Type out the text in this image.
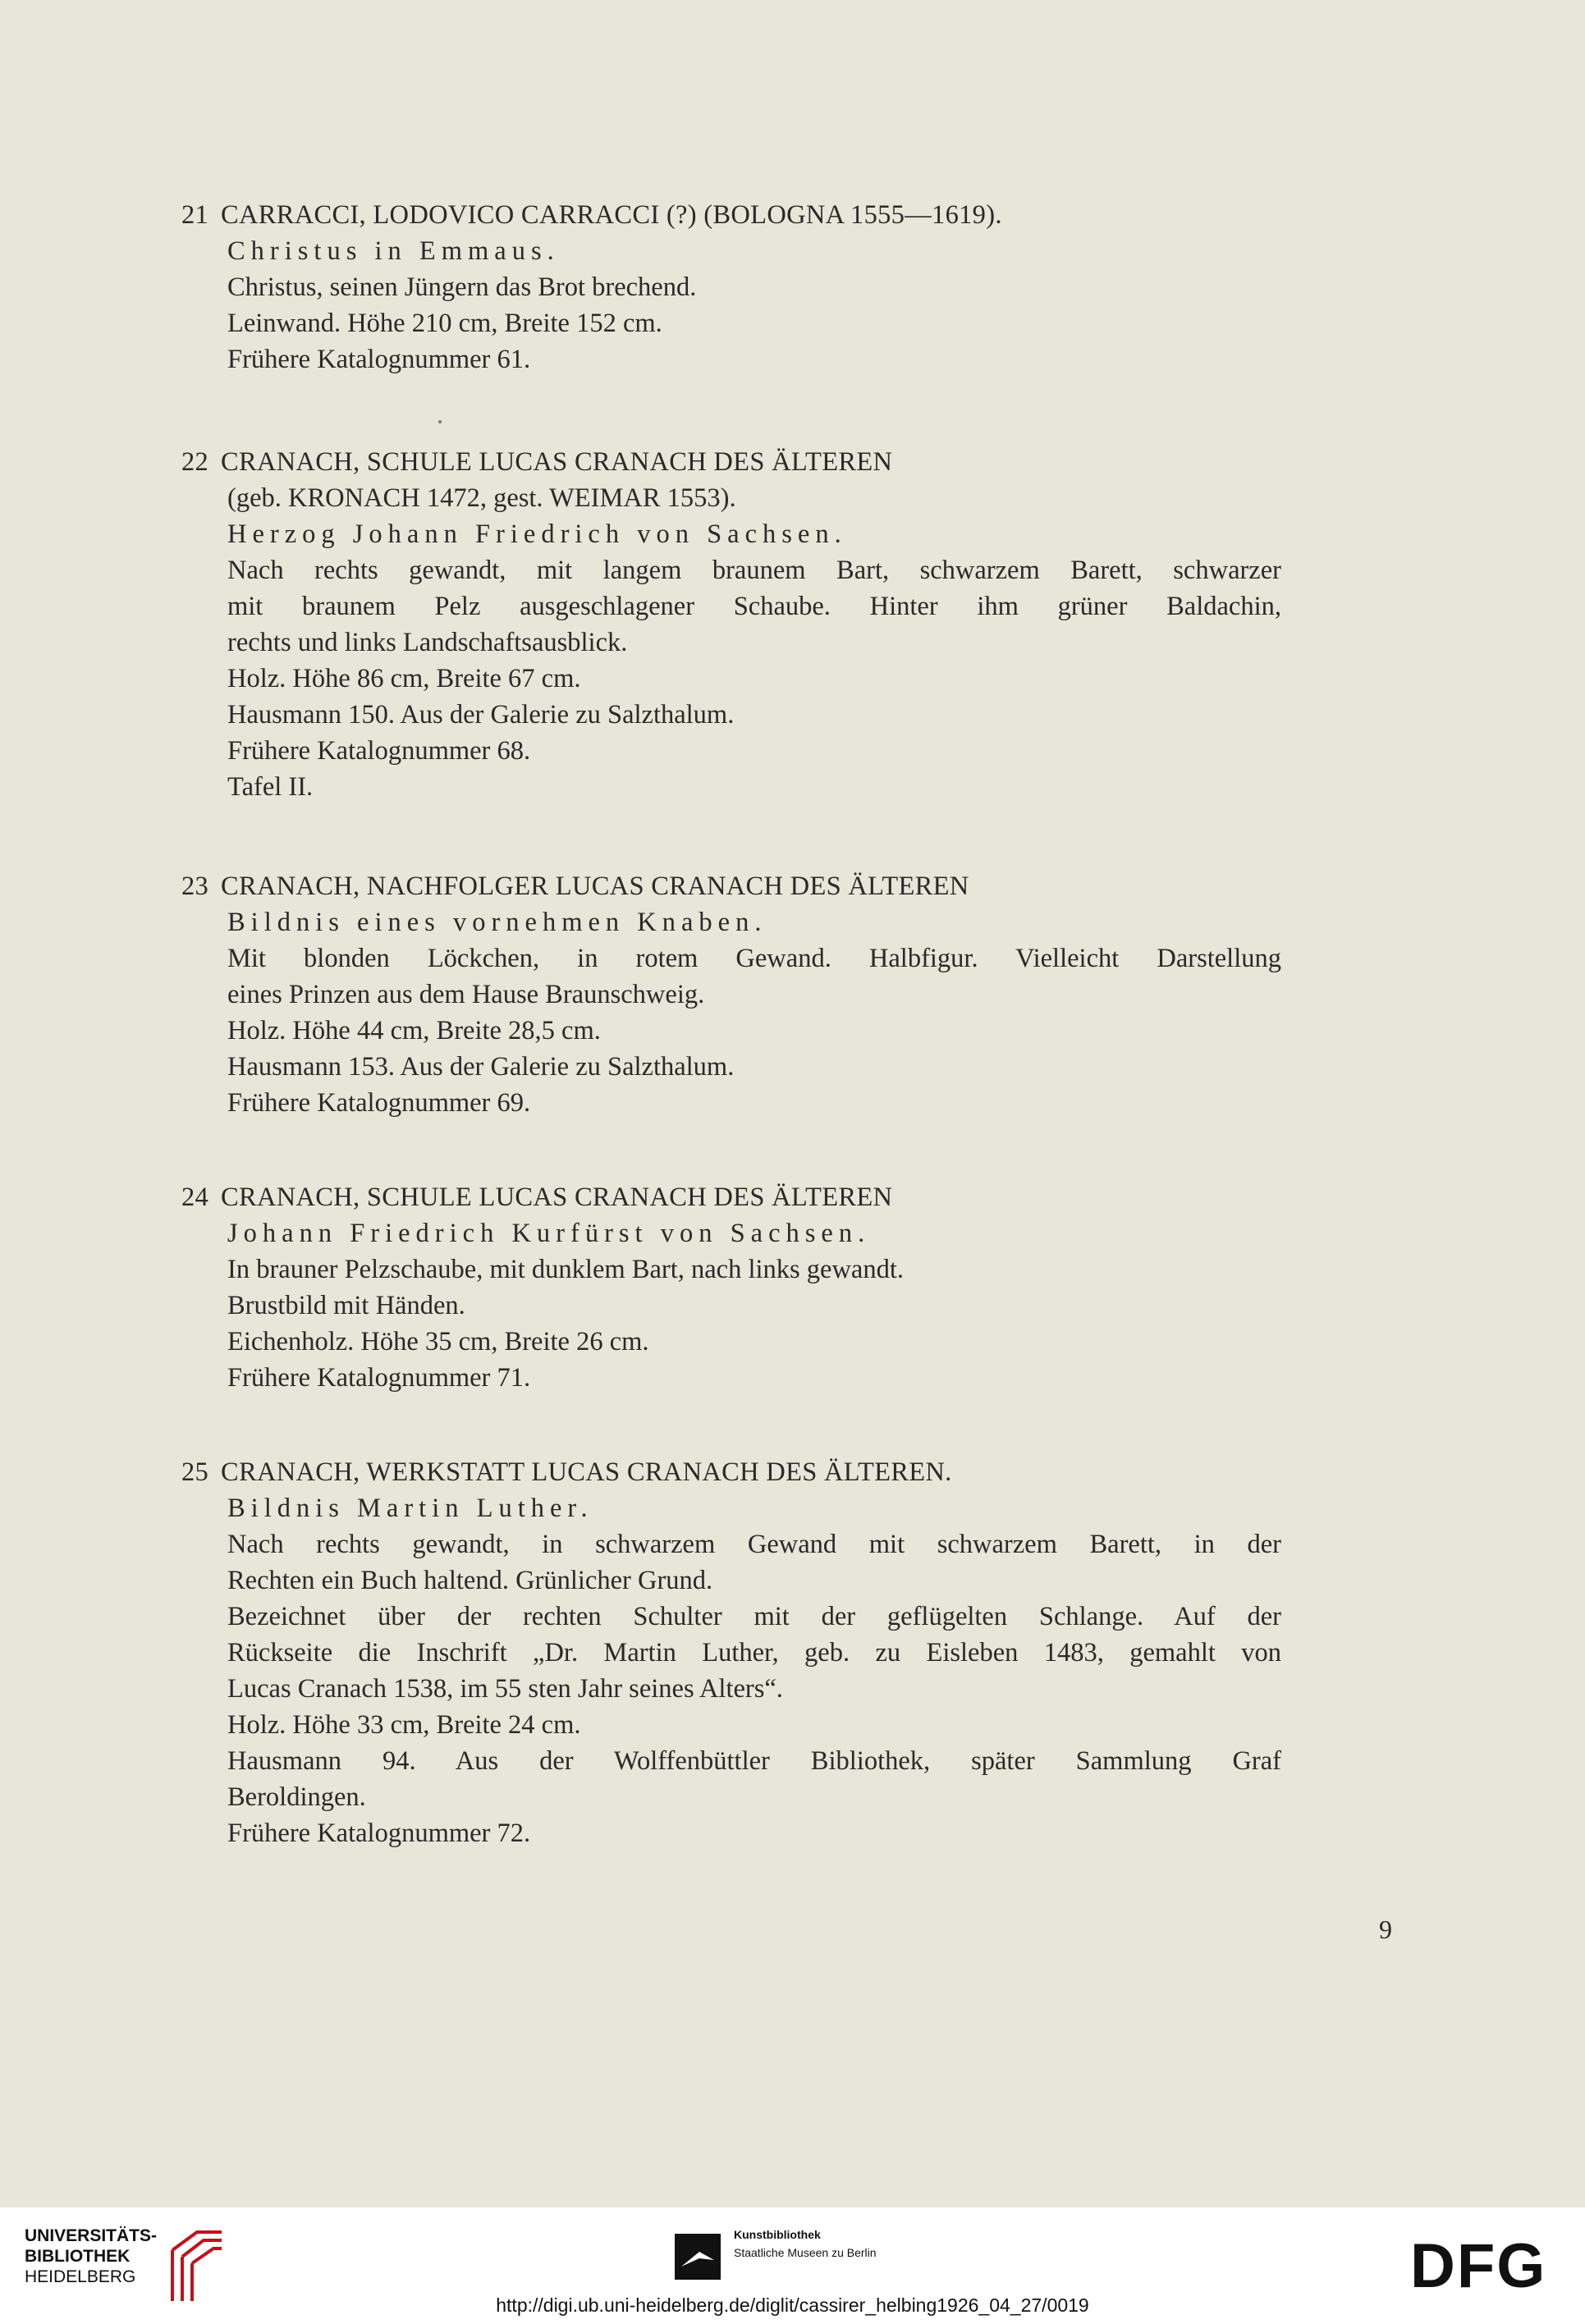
21 CARRACCI, LODOVICO CARRACCI (?) (BOLOGNA 1555—1619).
Christus in Emmaus.
Christus, seinen Jüngern das Brot brechend.
Leinwand. Höhe 210 cm, Breite 152 cm.
Frühere Katalognummer 61.
22 CRANACH, SCHULE LUCAS CRANACH DES ÄLTEREN
(geb. KRONACH 1472, gest. WEIMAR 1553).
Herzog Johann Friedrich von Sachsen.
Nach rechts gewandt, mit langem braunem Bart, schwarzem Barett, schwarzer
mit braunem Pelz ausgeschlagener Schaube. Hinter ihm grüner Baldachin,
rechts und links Landschaftsausblick.
Holz. Höhe 86 cm, Breite 67 cm.
Hausmann 150. Aus der Galerie zu Salzthalum.
Frühere Katalognummer 68.
Tafel II.
23 CRANACH, NACHFOLGER LUCAS CRANACH DES ÄLTEREN
Bildnis eines vornehmen Knaben.
Mit blonden Löckchen, in rotem Gewand. Halbfigur. Vielleicht Darstellung
eines Prinzen aus dem Hause Braunschweig.
Holz. Höhe 44 cm, Breite 28,5 cm.
Hausmann 153. Aus der Galerie zu Salzthalum.
Frühere Katalognummer 69.
24 CRANACH, SCHULE LUCAS CRANACH DES ÄLTEREN
Johann Friedrich Kurfürst von Sachsen.
In brauner Pelzschaube, mit dunklem Bart, nach links gewandt.
Brustbild mit Händen.
Eichenholz. Höhe 35 cm, Breite 26 cm.
Frühere Katalognummer 71.
25 CRANACH, WERKSTATT LUCAS CRANACH DES ÄLTEREN.
Bildnis Martin Luther.
Nach rechts gewandt, in schwarzem Gewand mit schwarzem Barett, in der
Rechten ein Buch haltend. Grünlicher Grund.
Bezeichnet über der rechten Schulter mit der geflügelten Schlange. Auf der
Rückseite die Inschrift „Dr. Martin Luther, geb. zu Eisleben 1483, gemahlt von
Lucas Cranach 1538, im 55 sten Jahr seines Alters“.
Holz. Höhe 33 cm, Breite 24 cm.
Hausmann 94. Aus der Wolffenbüttler Bibliothek, später Sammlung Graf
Beroldingen.
Frühere Katalognummer 72.
9
UNIVERSITÄTS-
BIBLIOTHEK
HEIDELBERG
Kunstbibliothek
Staatliche Museen zu Berlin	DFG
http://digi.ub.uni-heidelberg.de/diglit/cassirer_helbing1926_04_27/0019
